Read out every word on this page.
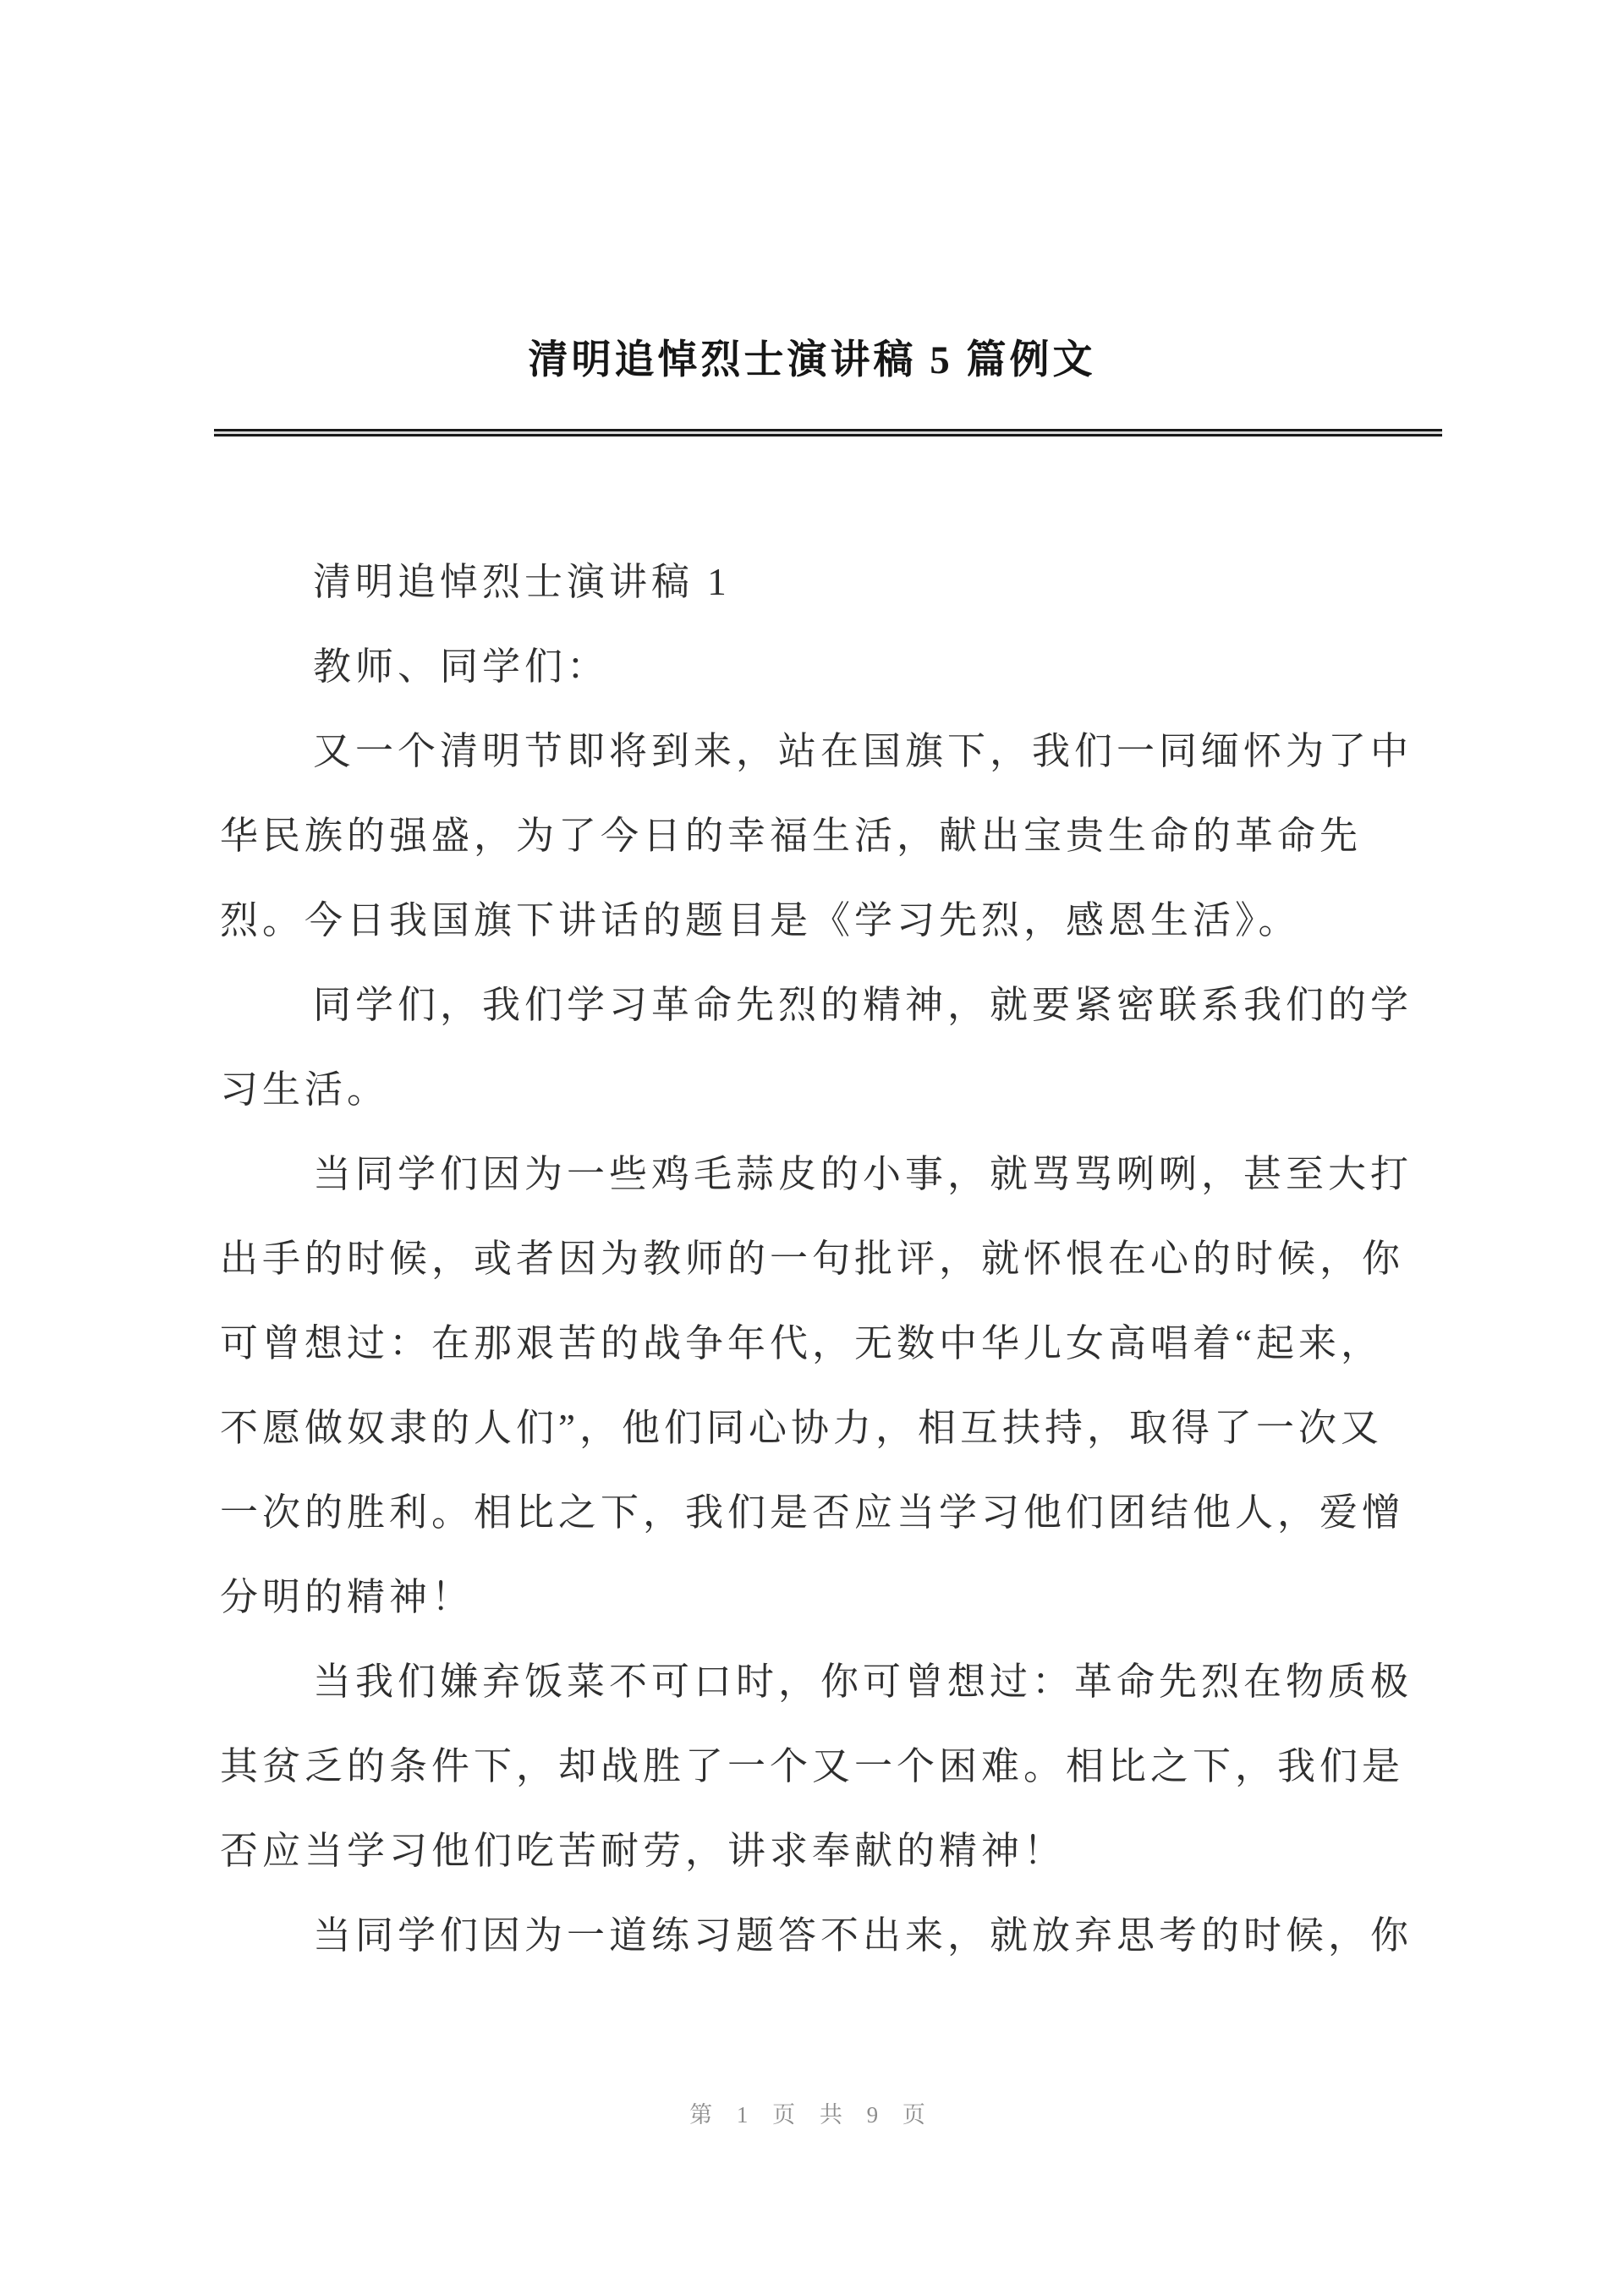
清明追悼烈士演讲稿 5 篇例文
清明追悼烈士演讲稿 1
教师、同学们：
又一个清明节即将到来，站在国旗下，我们一同缅怀为了中
华民族的强盛，为了今日的幸福生活，献出宝贵生命的革命先
烈。今日我国旗下讲话的题目是《学习先烈，感恩生活》。
同学们，我们学习革命先烈的精神，就要紧密联系我们的学
习生活。
当同学们因为一些鸡毛蒜皮的小事，就骂骂咧咧，甚至大打
出手的时候，或者因为教师的一句批评，就怀恨在心的时候，你
可曾想过：在那艰苦的战争年代，无数中华儿女高唱着“起来，
不愿做奴隶的人们”，他们同心协力，相互扶持，取得了一次又
一次的胜利。相比之下，我们是否应当学习他们团结他人，爱憎
分明的精神！
当我们嫌弃饭菜不可口时，你可曾想过：革命先烈在物质极
其贫乏的条件下，却战胜了一个又一个困难。相比之下，我们是
否应当学习他们吃苦耐劳，讲求奉献的精神！
当同学们因为一道练习题答不出来，就放弃思考的时候，你
第 1 页 共 9 页
